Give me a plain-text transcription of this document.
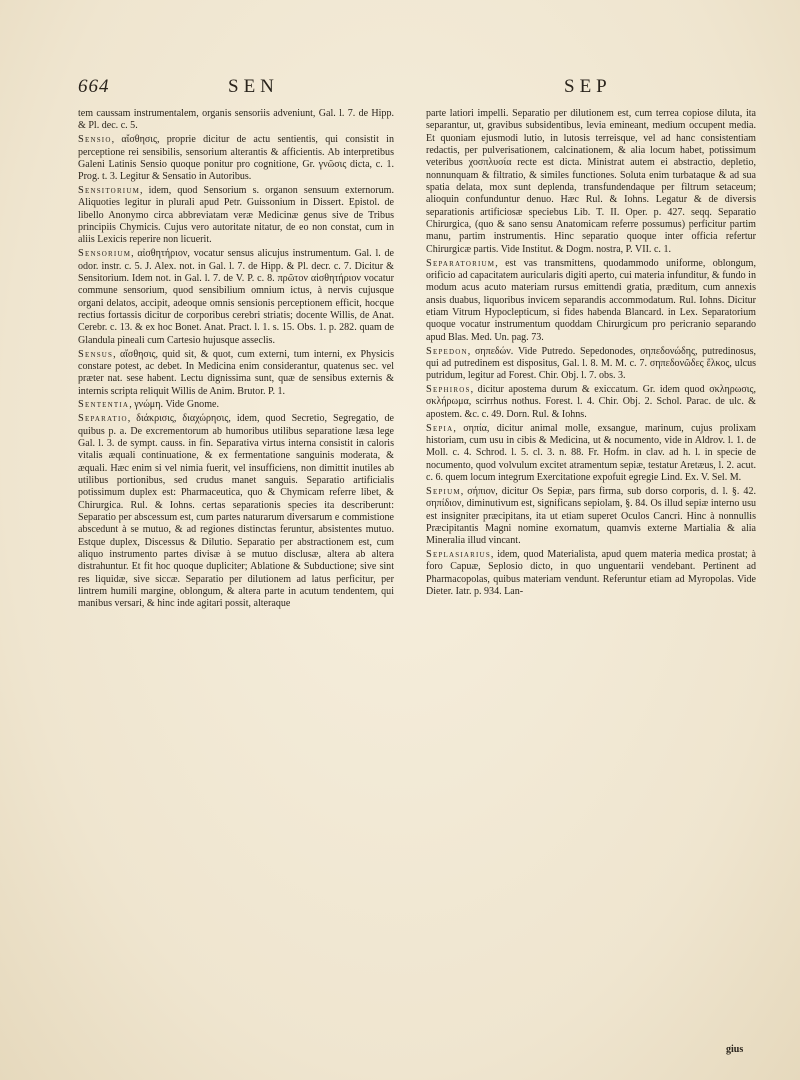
664	SEN	SEP

tem caussam instrumentalem, organis sensoriis adveniunt, Gal. l. 7. de Hipp. & Pl. dec. c. 5.

Sensio, αἴσθησις, proprie dicitur de actu sentientis, qui consistit in perceptione rei sensibilis, sensorium alterantis & afficientis. Ab interpretibus Galeni Latinis Sensio quoque ponitur pro cognitione, Gr. γνῶσις dicta, c. 1. Prog. t. 3. Legitur & Sensatio in Autoribus.

Sensitorium, idem, quod Sensorium s. organon sensuum externorum. Aliquoties legitur in plurali apud Petr. Guissonium in Dissert. Epistol. de libello Anonymo circa abbreviatam veræ Medicinæ genus sive de Tribus principiis Chymicis. Cujus vero autoritate nitatur, de eo non constat, cum in aliis Lexicis reperire non licuerit.

Sensorium, αἰσθητήριον, vocatur sensus alicujus instrumentum. Gal. l. de odor. instr. c. 5. J. Alex. not. in Gal. l. 7. de Hipp. & Pl. decr. c. 7. Dicitur & Sensitorium. Idem not. in Gal. l. 7. de V. P. c. 8. πρῶτον αἰσθητήριον vocatur commune sensorium, quod sensibilium omnium ictus, à nervis cujusque organi delatos, accipit, adeoque omnis sensionis perceptionem efficit, hocque rectius fortassis dicitur de corporibus cerebri striatis; docente Willis, de Anat. Cerebr. c. 13. & ex hoc Bonet. Anat. Pract. l. 1. s. 15. Obs. 1. p. 282. quam de Glandula pineali cum Cartesio hujusque asseclis.

Sensus, αἴσθησις, quid sit, & quot, cum externi, tum interni, ex Physicis constare potest, ac debet. In Medicina enim considerantur, quatenus sec. vel præter nat. sese habent. Lectu dignissima sunt, quæ de sensibus externis & internis scripta reliquit Willis de Anim. Brutor. P. 1.

Sententia, γνώμη. Vide Gnome.

Separatio, διάκρισις, διαχώρησις, idem, quod Secretio, Segregatio, de quibus p. a. De excrementorum ab humoribus utilibus separatione læsa lege Gal. l. 3. de sympt. causs. in fin. Separativa virtus interna consistit in caloris vitalis æquali continuatione, & ex fermentatione sanguinis moderata, & æquali. Hæc enim si vel nimia fuerit, vel insufficiens, non dimittit inutiles ab utilibus portionibus, sed crudus manet sanguis. Separatio artificialis potissimum duplex est: Pharmaceutica, quo & Chymicam referre libet, & Chirurgica. Rul. & Iohns. certas separationis species ita describerunt: Separatio per abscessum est, cum partes naturarum diversarum e commistione abscedunt à se mutuo, & ad regiones distinctas feruntur, absistentes mutuo. Estque duplex, Discessus & Dilutio. Separatio per abstractionem est, cum aliquo instrumento partes divisæ à se mutuo disclusæ, altera ab altera distrahuntur. Et fit hoc quoque dupliciter; Ablatione & Subductione; sive sint res liquidæ, sive siccæ. Separatio per dilutionem ad latus perficitur, per lintrem humili margine, oblongum, & altera parte in acutum tendentem, qui manibus versari, & hinc inde agitari possit, alteraque

parte latiori impelli. Separatio per dilutionem est, cum terrea copiose diluta, ita separantur, ut, gravibus subsidentibus, levia emineant, medium occupent media. Et quoniam ejusmodi lutio, in lutosis terreisque, vel ad hanc consistentiam redactis, per pulverisationem, calcinationem, & alia locum habet, potissimum veteribus χοσπλυσία recte est dicta. Ministrat autem ei abstractio, depletio, nonnunquam & filtratio, & similes functiones. Soluta enim turbataque & ad sua spatia delata, mox sunt deplenda, transfundendaque per filtrum setaceum; alioquin confunduntur denuo. Hæc Rul. & Iohns. Legatur & de diversis separationis artificiosæ speciebus Lib. T. II. Oper. p. 427. seqq. Separatio Chirurgica, (quo & sano sensu Anatomicam referre possumus) perficitur partim manu, partim instrumentis. Hinc separatio quoque inter officia refertur Chirurgicæ partis. Vide Institut. & Dogm. nostra, P. VII. c. 1.

Separatorium, est vas transmittens, quodammodo uniforme, oblongum, orificio ad capacitatem auricularis digiti aperto, cui materia infunditur, & fundo in modum acus acuto materiam rursus emittendi gratia, præditum, cum annexis ansis duabus, liquoribus invicem separandis accommodatum. Rul. Iohns. Dicitur etiam Vitrum Hypoclepticum, si fides habenda Blancard. in Lex. Separatorium quoque vocatur instrumentum quoddam Chirurgicum pro pericranio separando apud Blas. Med. Un. pag. 73.

Sepedon, σηπεδών. Vide Putredo. Sepedonodes, σηπεδονώδης, putredinosus, qui ad putredinem est dispositus, Gal. l. 8. M. M. c. 7. σηπεδονῶδες ἕλκος, ulcus putridum, legitur ad Forest. Chir. Obj. l. 7. obs. 3.

Sephiros, dicitur apostema durum & exiccatum. Gr. idem quod σκληρωσις, σκλήρωμα, scirrhus nothus. Forest. l. 4. Chir. Obj. 2. Schol. Parac. de ulc. & apostem. &c. c. 49. Dorn. Rul. & Iohns.

Sepia, σηπία, dicitur animal molle, exsangue, marinum, cujus prolixam historiam, cum usu in cibis & Medicina, ut & nocumento, vide in Aldrov. l. 1. de Moll. c. 4. Schrod. l. 5. cl. 3. n. 88. Fr. Hofm. in clav. ad h. l. in specie de nocumento, quod volvulum excitet atramentum sepiæ, testatur Aretæus, l. 2. acut. c. 6. quem locum integrum Exercitatione expofuit egregie Lind. Ex. V. Sel. M.

Sepium, σήπιον, dicitur Os Sepiæ, pars firma, sub dorso corporis, d. l. §. 42. σηπίδιον, diminutivum est, significans sepiolam, §. 84. Os illud sepiæ interno usu est insigniter præcipitans, ita ut etiam superet Oculos Cancri. Hinc à nonnullis Præcipitantis Magni nomine exornatum, quamvis externe Martialia & alia Mineralia illud vincant.

Seplasiarius, idem, quod Materialista, apud quem materia medica prostat; à foro Capuæ, Seplosio dicto, in quo unguentarii vendebant. Pertinent ad Pharmacopolas, quibus materiam vendunt. Referuntur etiam ad Myropolas. Vide Dieter. Iatr. p. 934. Lan-

gius
